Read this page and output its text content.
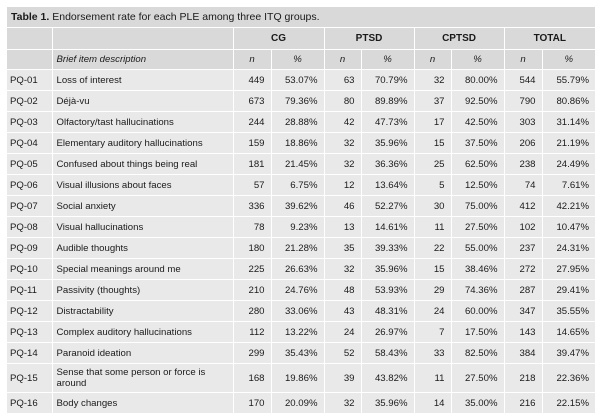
Table 1. Endorsement rate for each PLE among three ITQ groups.
		CG		PTSD		CPTSD		TOTAL	
	Brief item description	n	%	n	%	n	%	n	%
PQ-01	Loss of interest	449	53.07%	63	70.79%	32	80.00%	544	55.79%
PQ-02	Déjà-vu	673	79.36%	80	89.89%	37	92.50%	790	80.86%
PQ-03	Olfactory/tast hallucinations	244	28.88%	42	47.73%	17	42.50%	303	31.14%
PQ-04	Elementary auditory hallucinations	159	18.86%	32	35.96%	15	37.50%	206	21.19%
PQ-05	Confused about things being real	181	21.45%	32	36.36%	25	62.50%	238	24.49%
PQ-06	Visual illusions about faces	57	6.75%	12	13.64%	5	12.50%	74	7.61%
PQ-07	Social anxiety	336	39.62%	46	52.27%	30	75.00%	412	42.21%
PQ-08	Visual hallucinations	78	9.23%	13	14.61%	11	27.50%	102	10.47%
PQ-09	Audible thoughts	180	21.28%	35	39.33%	22	55.00%	237	24.31%
PQ-10	Special meanings around me	225	26.63%	32	35.96%	15	38.46%	272	27.95%
PQ-11	Passivity (thoughts)	210	24.76%	48	53.93%	29	74.36%	287	29.41%
PQ-12	Distractability	280	33.06%	43	48.31%	24	60.00%	347	35.55%
PQ-13	Complex auditory hallucinations	112	13.22%	24	26.97%	7	17.50%	143	14.65%
PQ-14	Paranoid ideation	299	35.43%	52	58.43%	33	82.50%	384	39.47%
PQ-15	Sense that some person or force is around	168	19.86%	39	43.82%	11	27.50%	218	22.36%
PQ-16	Body changes	170	20.09%	32	35.96%	14	35.00%	216	22.15%
